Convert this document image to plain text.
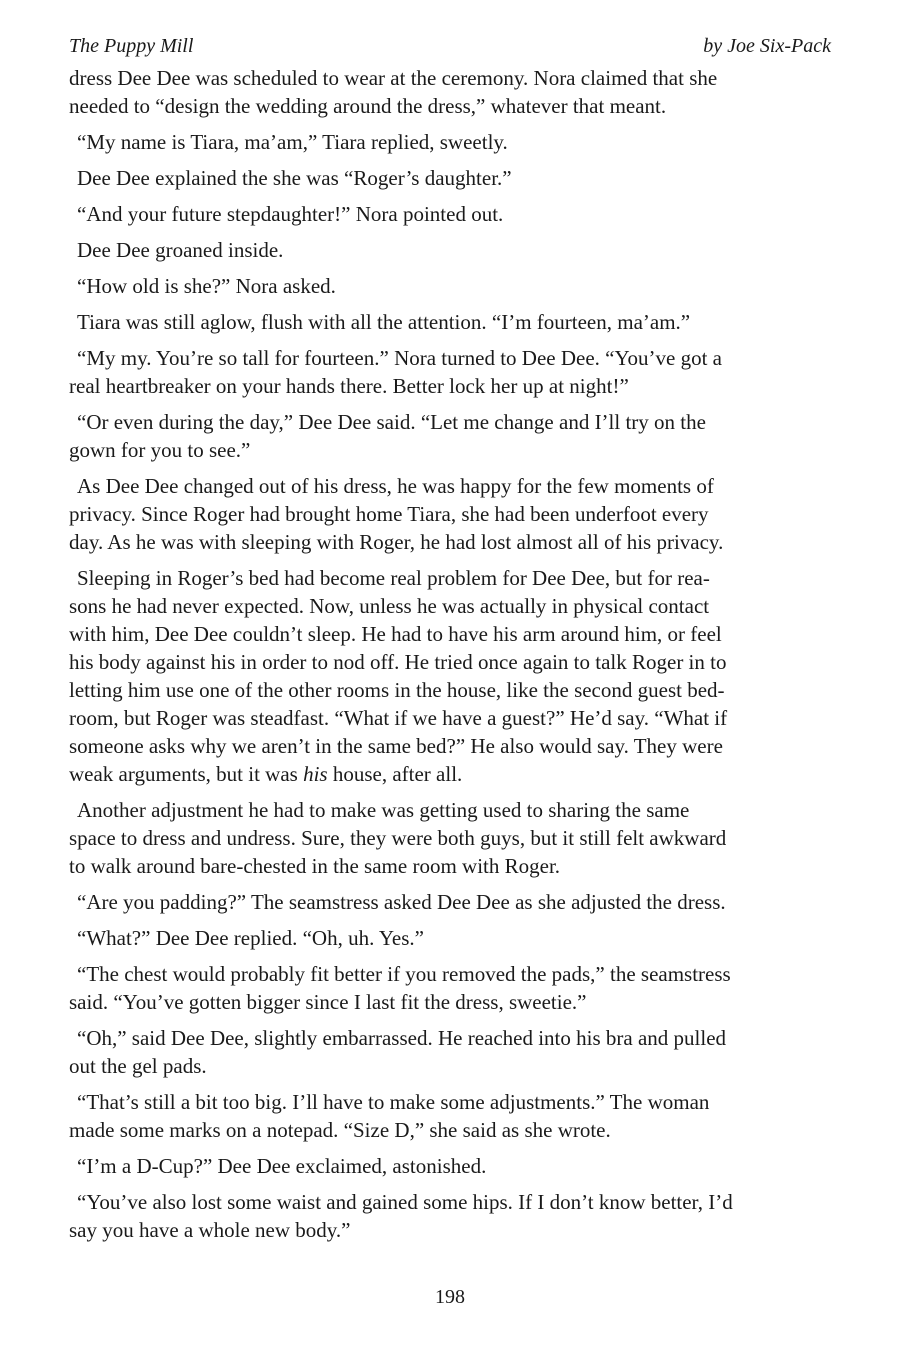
The Puppy Mill	by Joe Six-Pack

dress Dee Dee was scheduled to wear at the ceremony. Nora claimed that she
needed to “design the wedding around the dress,” whatever that meant.

“My name is Tiara, ma’am,” Tiara replied, sweetly.

Dee Dee explained the she was “Roger’s daughter.”

“And your future stepdaughter!” Nora pointed out.

Dee Dee groaned inside.

“How old is she?” Nora asked.

Tiara was still aglow, flush with all the attention. “I’m fourteen, ma’am.”

“My my. You’re so tall for fourteen.” Nora turned to Dee Dee. “You’ve got a
real heartbreaker on your hands there. Better lock her up at night!”

“Or even during the day,” Dee Dee said. “Let me change and I’ll try on the
gown for you to see.”

As Dee Dee changed out of his dress, he was happy for the few moments of
privacy. Since Roger had brought home Tiara, she had been underfoot every
day. As he was with sleeping with Roger, he had lost almost all of his privacy.

Sleeping in Roger’s bed had become real problem for Dee Dee, but for rea-
sons he had never expected. Now, unless he was actually in physical contact
with him, Dee Dee couldn’t sleep. He had to have his arm around him, or feel
his body against his in order to nod off. He tried once again to talk Roger in to
letting him use one of the other rooms in the house, like the second guest bed-
room, but Roger was steadfast. “What if we have a guest?” He’d say. “What if
someone asks why we aren’t in the same bed?” He also would say. They were
weak arguments, but it was his house, after all.

Another adjustment he had to make was getting used to sharing the same
space to dress and undress. Sure, they were both guys, but it still felt awkward
to walk around bare-chested in the same room with Roger.

“Are you padding?” The seamstress asked Dee Dee as she adjusted the dress.

“What?” Dee Dee replied. “Oh, uh. Yes.”

“The chest would probably fit better if you removed the pads,” the seamstress
said. “You’ve gotten bigger since I last fit the dress, sweetie.”

“Oh,” said Dee Dee, slightly embarrassed. He reached into his bra and pulled
out the gel pads.

“That’s still a bit too big. I’ll have to make some adjustments.” The woman
made some marks on a notepad. “Size D,” she said as she wrote.

“I’m a D-Cup?” Dee Dee exclaimed, astonished.

“You’ve also lost some waist and gained some hips. If I don’t know better, I’d
say you have a whole new body.”

198
